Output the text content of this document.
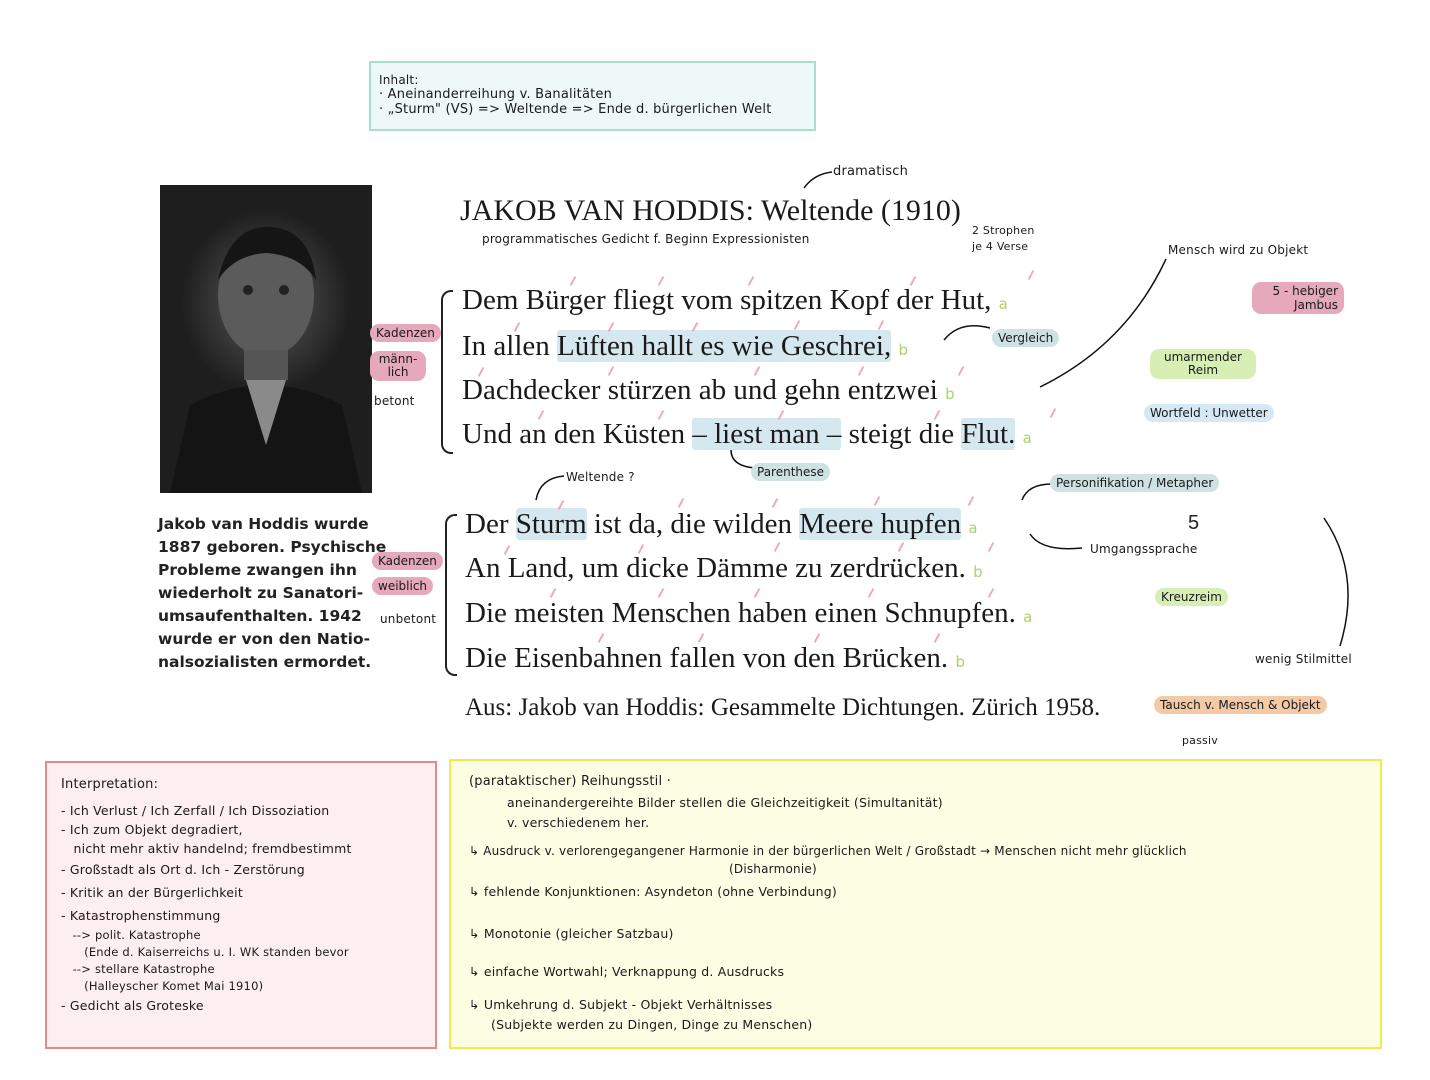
Inhalt:
· Aneinanderreihung v. Banalitäten
· „Sturm" (VS) => Weltende => Ende d. bürgerlichen Welt
dramatisch
JAKOB VAN HODDIS: Weltende (1910)
programmatisches Gedicht f. Beginn Expressionisten
2 Strophen
je 4 Verse	Mensch wird zu Objekt
Dem Bürger fliegt vom spitzen Kopf der Hut, a
In allen Lüften hallt es wie Geschrei, b
Dachdecker stürzen ab und gehn entzwei b
Und an den Küsten – liest man – steigt die Flut. a
Vergleich
Parenthese
5 - hebiger Jambus
umarmender Reim
Wortfeld : Unwetter
Kadenzen
männ-lich
betont
Weltende ?	Personifikation / Metapher
Der Sturm ist da, die wilden Meere hupfen a
An Land, um dicke Dämme zu zerdrücken. b
Die meisten Menschen haben einen Schnupfen. a
Die Eisenbahnen fallen von den Brücken. b
5
Umgangssprache
Kreuzreim
wenig Stilmittel
Kadenzen
weiblich
unbetont
Jakob van Hoddis wurde
1887 geboren. Psychische
Probleme zwangen ihn
wiederholt zu Sanatori-
umsaufenthalten. 1942
wurde er von den Natio-
nalsozialisten ermordet.
Aus: Jakob van Hoddis: Gesammelte Dichtungen. Zürich 1958.	Tausch v. Mensch & Objekt
passiv
Interpretation:
- Ich Verlust / Ich Zerfall / Ich Dissoziation
- Ich zum Objekt degradiert,
nicht mehr aktiv handelnd; fremdbestimmt
- Großstadt als Ort d. Ich - Zerstörung
- Kritik an der Bürgerlichkeit
- Katastrophenstimmung
--> polit. Katastrophe
(Ende d. Kaiserreichs u. I. WK standen bevor
--> stellare Katastrophe
(Halleyscher Komet Mai 1910)
- Gedicht als Groteske
(parataktischer) Reihungsstil ·
aneinandergereihte Bilder stellen die Gleichzeitigkeit (Simultanität)
v. verschiedenem her.
↳ Ausdruck v. verlorengegangener Harmonie in der bürgerlichen Welt / Großstadt → Menschen nicht mehr glücklich
(Disharmonie)
↳ fehlende Konjunktionen: Asyndeton (ohne Verbindung)
↳ Monotonie (gleicher Satzbau)
↳ einfache Wortwahl; Verknappung d. Ausdrucks
↳ Umkehrung d. Subjekt - Objekt Verhältnisses
(Subjekte werden zu Dingen, Dinge zu Menschen)
